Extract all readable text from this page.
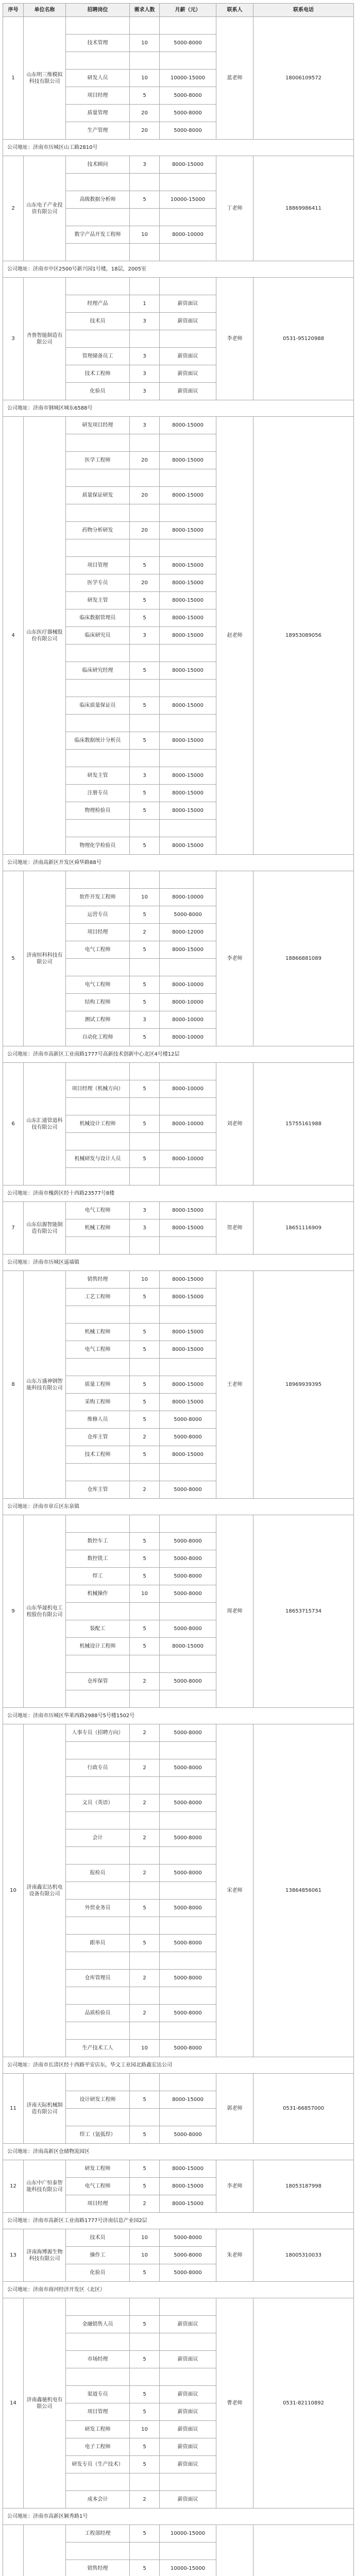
序号	单位名称	招聘岗位	需求人数	月薪（元）	联系人	联系电话
1	山东明三维模拟科技有限公司				蓝老师	18006109572
		技术管理	10	5000-8000		

		研发人员	10	10000-15000		
		项目经理	5	5000-8000		
		质量管理	20	5000-8000		
		生产管理	20	5000-8000		
公司地址：济南市历城区山工路2810号						
2	山东电子产业投资有限公司	技术顾问	3	8000-15000	丁老师	18869986411

		高级数据分析师	5	10000-15000		

		数字产品开发工程师	10	8000-10000		

公司地址：济南市中区2500号新兴园1号楼，18层，2005室						
3	齐鲁智能制造有限公司				李老师	0531-95120988
		经理产品	1	薪资面议		
		技术员	3	薪资面议		

		管理储备员工	3	薪资面议		
		技术工程师	3	薪资面议		
		化验员	3	薪资面议		
公司地址：济南市钢城区城东6588号						
4	山东医疗器械股份有限公司	研发项目经理	3	8000-15000	赵老师	18953089056

		医学工程师	20	8000-15000		

		质量保证研发	20	8000-15000		

		药物分析研发	20	8000-15000		

		项目管理	5	8000-15000		
		医学专员	20	8000-15000		
		研发主管	5	8000-15000		
		临床数据管理员	5	8000-15000		
		临床研究员	3	8000-15000		

		临床研究经理	5	8000-15000		

		临床质量保证员	5	8000-15000		

		临床数据统计分析员	5	8000-15000		

		研发主管	3	8000-15000		
		注册专员	5	8000-15000		
		物理检验员	5	8000-15000		

		物理化学检验员	5	8000-15000		
公司地址：济南高新区开发区舜华路88号						
5	济南恒科科技有限公司				李老师	18866881089
		软件开发工程师	10	8000-10000		
		运营专员	5	5000-8000		
		项目经理	2	8000-12000		
		电气工程师	5	8000-15000		

		电气工程师	5	8000-10000		
		结构工程师	5	8000-10000		
		测试工程师	3	8000-10000		
		自动化工程师	5	8000-10000		
公司地址：济南市高新区工业南路1777号高新技术创新中心北区4号楼12层						
6	山东汇通管道科技有限公司				刘老师	15755161988
		项目经理（机械方向）	5	8000-10000		

		机械设计工程师	5	8000-10000		

		机械研发与设计人员	5	8000-10000		

公司地址：济南市槐荫区经十西路23577号8楼						
7	山东信源智能制造有限公司	电气工程师	3	8000-15000	贺老师	18651116909
		机械工程师	3	8000-15000		

公司地址：济南市历城区遥墙镇						
8	山东万盛神钢智能科技有限公司	销售经理	10	8000-15000	王老师	18969939395
		工艺工程师	5	8000-15000		

		机械工程师	5	8000-15000		
		电气工程师	5	8000-15000		

		质量工程师	5	8000-15000		
		采购工程师	5	8000-15000		
		维修人员	5	5000-8000		
		仓库主管	2	5000-8000		
		技术工程师	5	8000-15000		

		仓库主管	2	5000-8000		
公司地址：济南市章丘区东泉镇						
9	山东华晟机电工程股份有限公司				周老师	18653715734
		数控车工	5	5000-8000		
		数控铣工	5	5000-8000		
		焊工	5	5000-8000		
		机械操作	10	5000-8000		

		装配工	5	5000-8000		
		机械设计工程师	5	8000-15000		

		仓库保管	2	5000-8000		

公司地址：济南市历城区华莱西路2988号5号楼1502号						
10	济南鑫宏达机电设备有限公司	人事专员（招聘方向）	2	5000-8000	宋老师	13864856061

		行政专员	2	5000-8000		

		文员（英语）	2	5000-8000		

		会计	2	5000-8000		

		报检员	2	5000-8000		

		外贸业务员	5	5000-8000		

		跟单员	5	5000-8000		

		仓库管理员	2	5000-8000		

		品质检验员	2	5000-8000		

		生产技术工人	10	5000-8000		
公司地址：济南市长清区经十西路平安店东，华文工业园北路鑫宏达公司						
11	济南天际机械制造有限公司				郭老师	0531-66857000
		设计研发工程师	5	8000-15000		

		焊工（氩弧焊）	5	5000-8000		
公司地址：济南高新区仓储物流园区						
12	山东中广恒泰智能科技有限公司	研发工程师	5	8000-15000	李老师	18053187998
		电气工程师	5	8000-15000		
		项目经理	2	8000-15000		
公司地址：济南市高新区工业南路1777号济南信息产业园2层						
13	济南海博源生物科技有限公司	技术员	10	5000-8000	朱老师	18005310033
		操作工	10	5000-8000		
		化验员	5	5000-8000		
公司地址：济南市商河经济开发区（北区）						
14	济南鑫驰机电有限公司				曹老师	0531-82110892
		金融销售人员	5	薪资面议		

		市场经理	5	薪资面议		

		渠道专员	5	薪资面议		
		项目管理	5	薪资面议		
		研发工程师	10	薪资面议		
		电子工程师	5	薪资面议		
		研发专员（生产技术）	5	薪资面议		

		成本会计	2	薪资面议		
公司地址：济南市高新区颖秀路1号						
		工程部经理	5	10000-15000		

		销售经理	5	10000-15000		
